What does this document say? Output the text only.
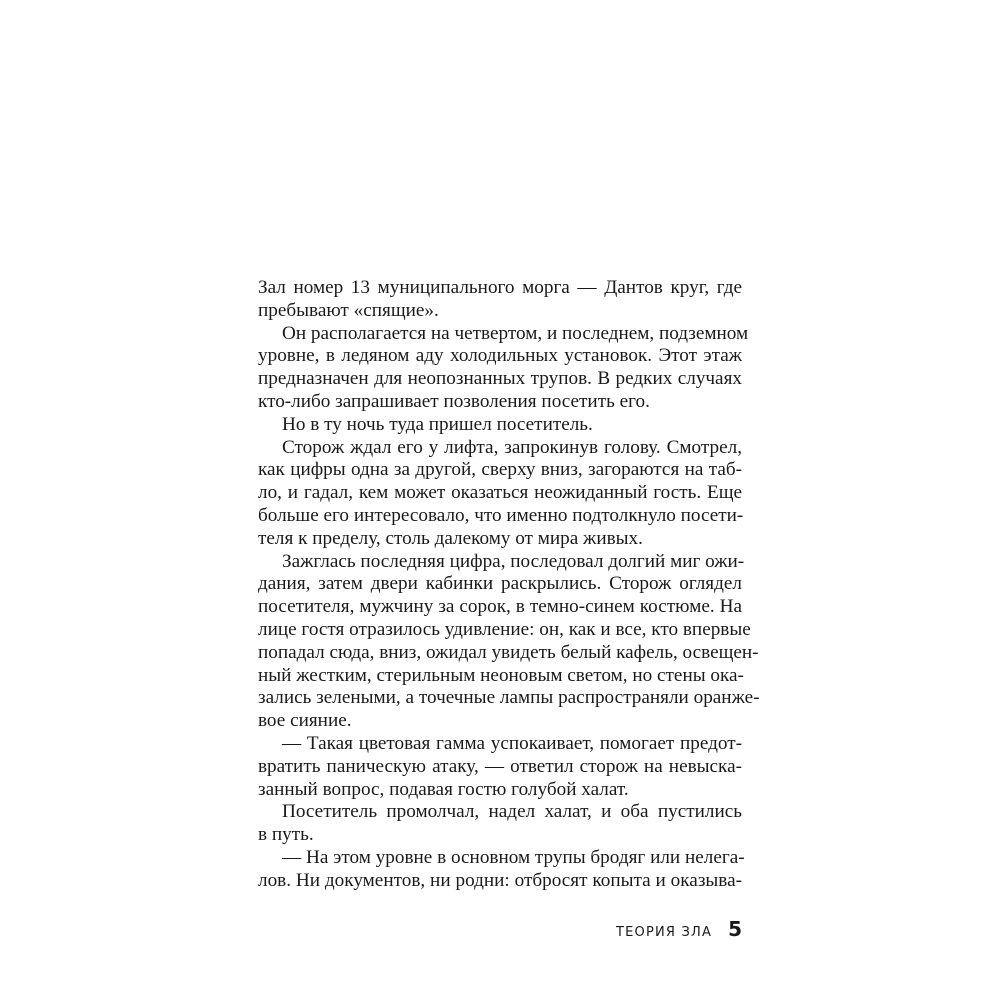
Зал номер 13 муниципального морга — Дантов круг, где
пребывают «спящие».
Он располагается на четвертом, и последнем, подземном
уровне, в ледяном аду холодильных установок. Этот этаж
предназначен для неопознанных трупов. В редких случаях
кто-либо запрашивает позволения посетить его.
Но в ту ночь туда пришел посетитель.
Сторож ждал его у лифта, запрокинув голову. Смотрел,
как цифры одна за другой, сверху вниз, загораются на таб-
ло, и гадал, кем может оказаться неожиданный гость. Еще
больше его интересовало, что именно подтолкнуло посети-
теля к пределу, столь далекому от мира живых.
Зажглась последняя цифра, последовал долгий миг ожи-
дания, затем двери кабинки раскрылись. Сторож оглядел
посетителя, мужчину за сорок, в темно-синем костюме. На
лице гостя отразилось удивление: он, как и все, кто впервые
попадал сюда, вниз, ожидал увидеть белый кафель, освещен-
ный жестким, стерильным неоновым светом, но стены ока-
зались зелеными, а точечные лампы распространяли оранже-
вое сияние.
— Такая цветовая гамма успокаивает, помогает предот-
вратить паническую атаку, — ответил сторож на невыска-
занный вопрос, подавая гостю голубой халат.
Посетитель промолчал, надел халат, и оба пустились
в путь.
— На этом уровне в основном трупы бродяг или нелега-
лов. Ни документов, ни родни: отбросят копыта и оказыва-
ТЕОРИЯ ЗЛА 5
